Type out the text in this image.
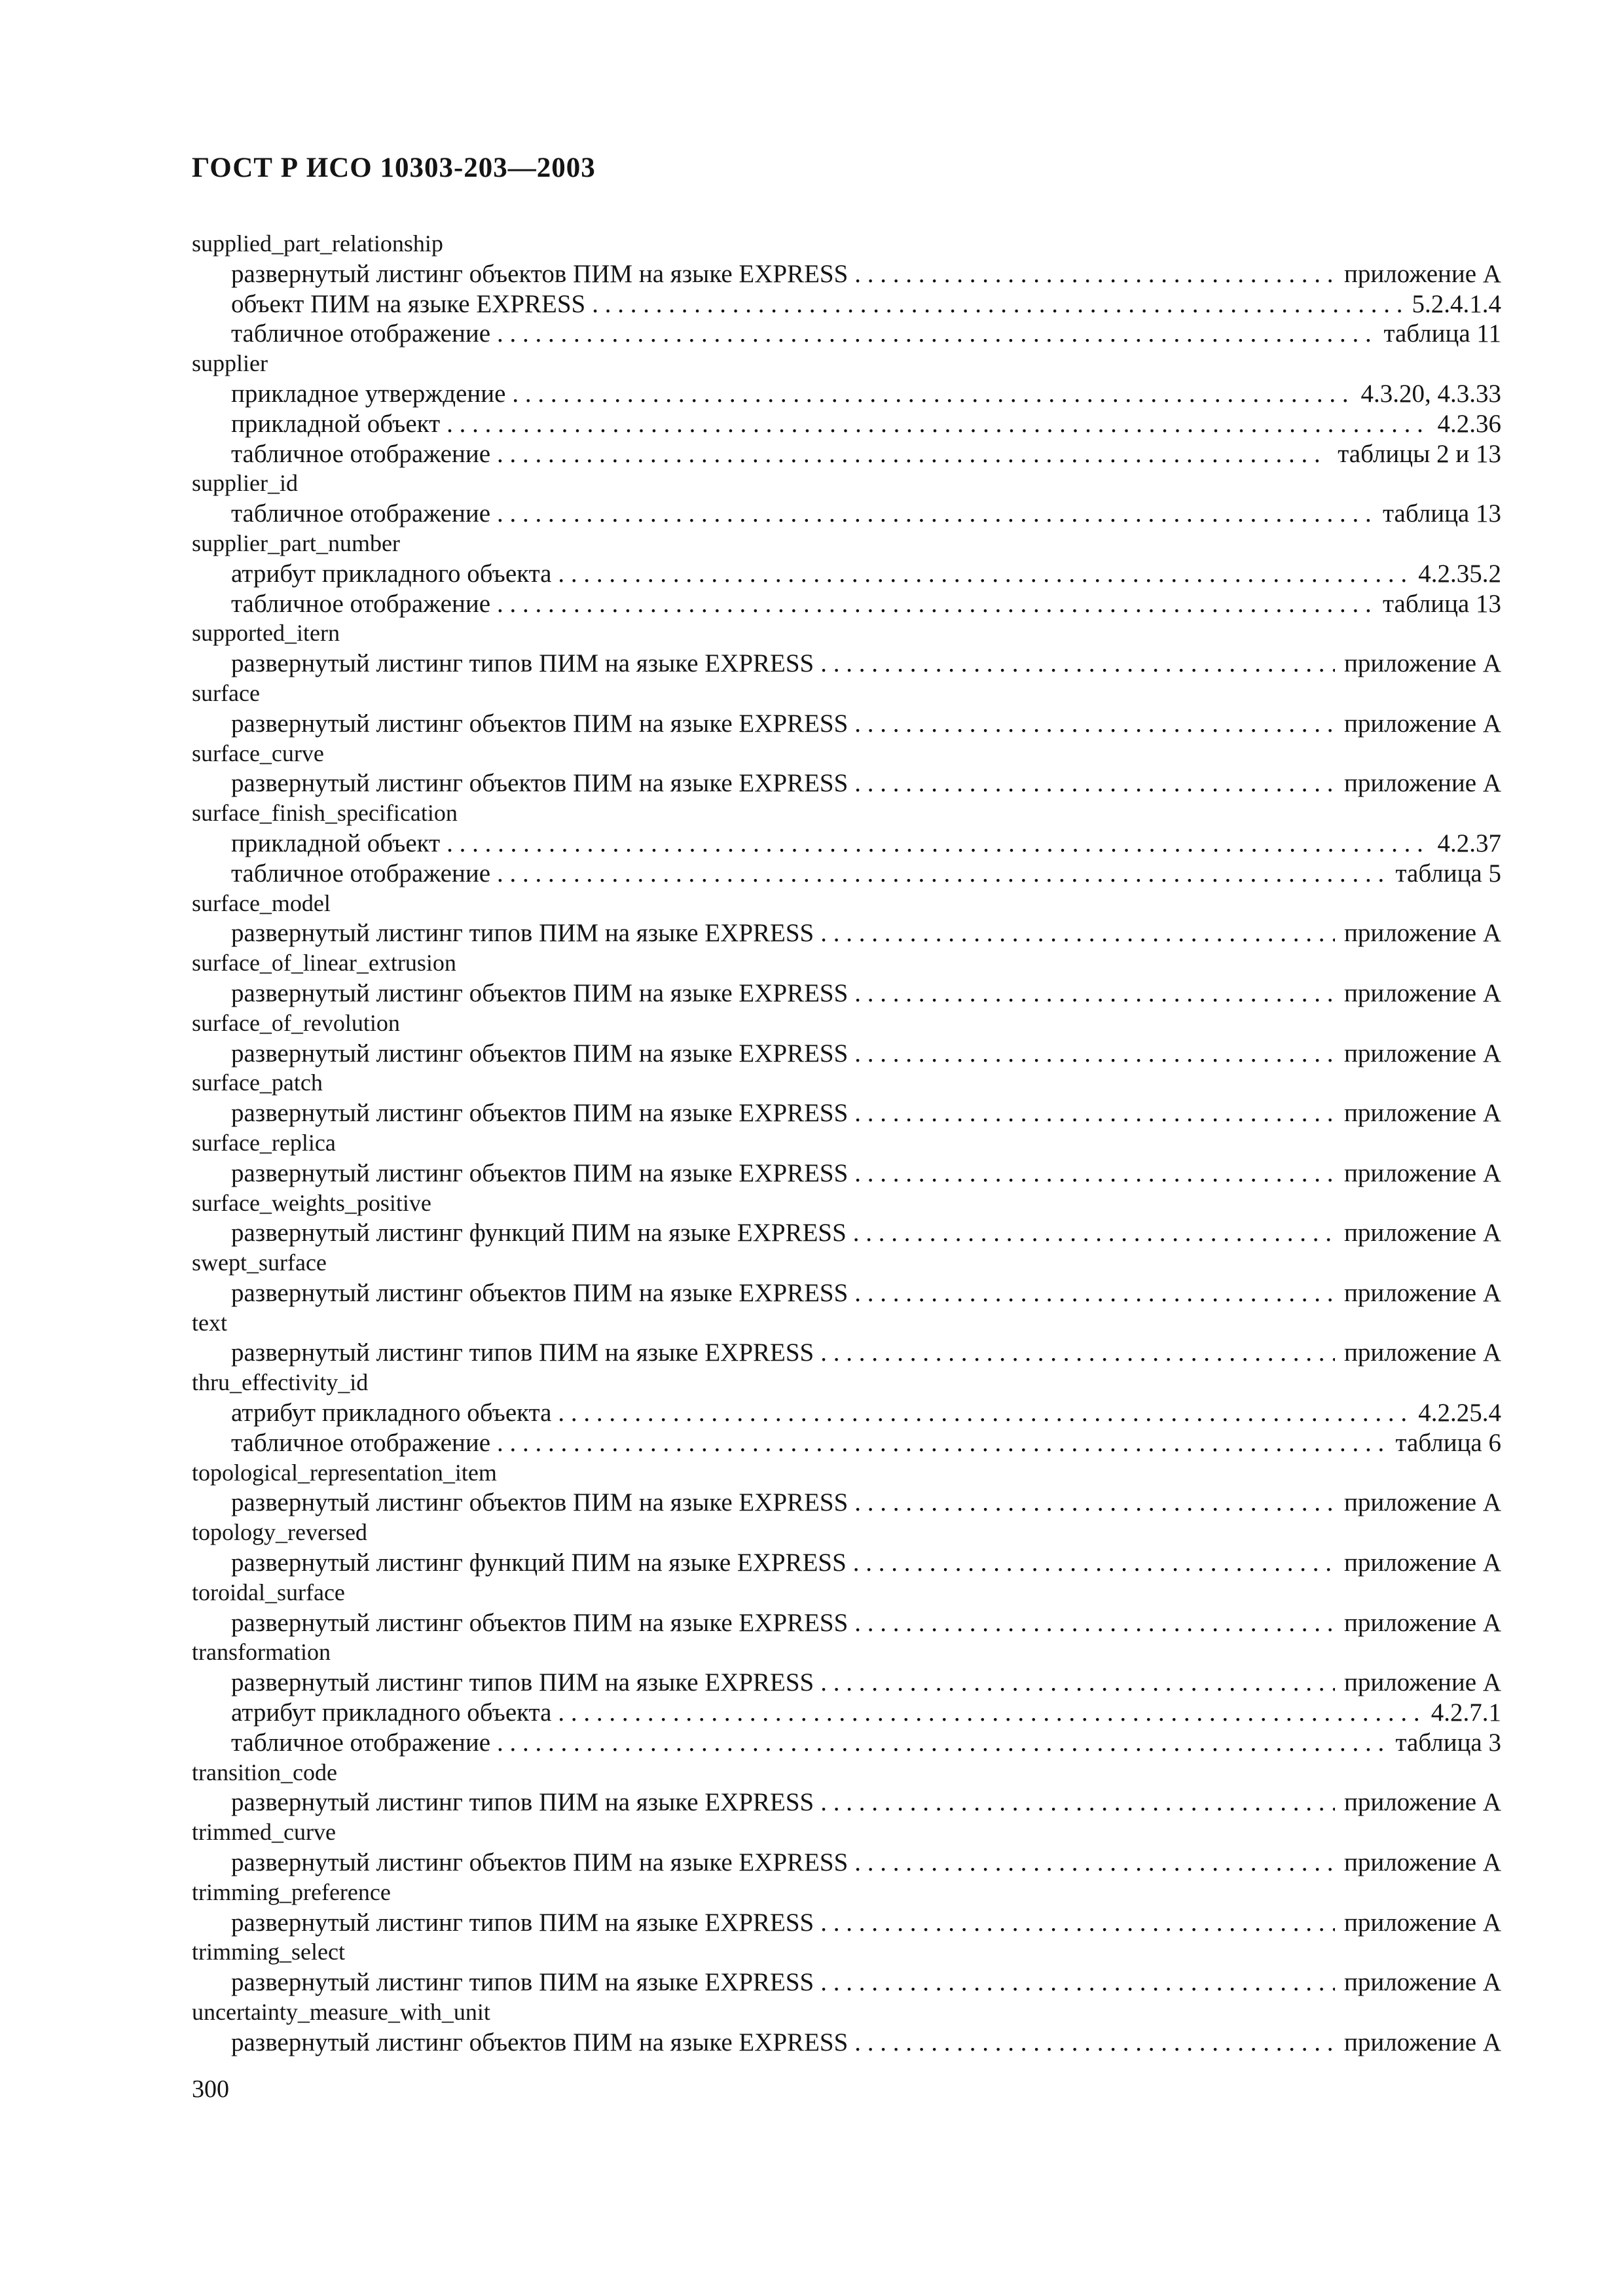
ГОСТ Р ИСО 10303-203—2003
supplied_part_relationship
развернутый листинг объектов ПИМ на языке EXPRESS . . .	приложение А
объект ПИМ на языке EXPRESS . . .	5.2.4.1.4
табличное отображение . . .	таблица 11
supplier
прикладное утверждение . . .	4.3.20, 4.3.33
прикладной объект . . .	4.2.36
табличное отображение . . .	таблицы 2 и 13
supplier_id
табличное отображение . . .	таблица 13
supplier_part_number
атрибут прикладного объекта . . .	4.2.35.2
табличное отображение . . .	таблица 13
supported_itern
развернутый листинг типов ПИМ на языке EXPRESS . . .	приложение А
surface
развернутый листинг объектов ПИМ на языке EXPRESS . . .	приложение А
surface_curve
развернутый листинг объектов ПИМ на языке EXPRESS . . .	приложение А
surface_finish_specification
прикладной объект . . .	4.2.37
табличное отображение . . .	таблица 5
surface_model
развернутый листинг типов ПИМ на языке EXPRESS . . .	приложение А
surface_of_linear_extrusion
развернутый листинг объектов ПИМ на языке EXPRESS . . .	приложение А
surface_of_revolution
развернутый листинг объектов ПИМ на языке EXPRESS . . .	приложение А
surface_patch
развернутый листинг объектов ПИМ на языке EXPRESS . . .	приложение А
surface_replica
развернутый листинг объектов ПИМ на языке EXPRESS . . .	приложение А
surface_weights_positive
развернутый листинг функций ПИМ на языке EXPRESS . . .	приложение А
swept_surface
развернутый листинг объектов ПИМ на языке EXPRESS . . .	приложение А
text
развернутый листинг типов ПИМ на языке EXPRESS . . .	приложение А
thru_effectivity_id
атрибут прикладного объекта . . .	4.2.25.4
табличное отображение . . .	таблица 6
topological_representation_item
развернутый листинг объектов ПИМ на языке EXPRESS . . .	приложение А
topology_reversed
развернутый листинг функций ПИМ на языке EXPRESS . . .	приложение А
toroidal_surface
развернутый листинг объектов ПИМ на языке EXPRESS . . .	приложение А
transformation
развернутый листинг типов ПИМ на языке EXPRESS . . .	приложение А
атрибут прикладного объекта . . .	4.2.7.1
табличное отображение . . .	таблица 3
transition_code
развернутый листинг типов ПИМ на языке EXPRESS . . .	приложение А
trimmed_curve
развернутый листинг объектов ПИМ на языке EXPRESS . . .	приложение А
trimming_preference
развернутый листинг типов ПИМ на языке EXPRESS . . .	приложение А
trimming_select
развернутый листинг типов ПИМ на языке EXPRESS . . .	приложение А
uncertainty_measure_with_unit
развернутый листинг объектов ПИМ на языке EXPRESS . . .	приложение А
300
